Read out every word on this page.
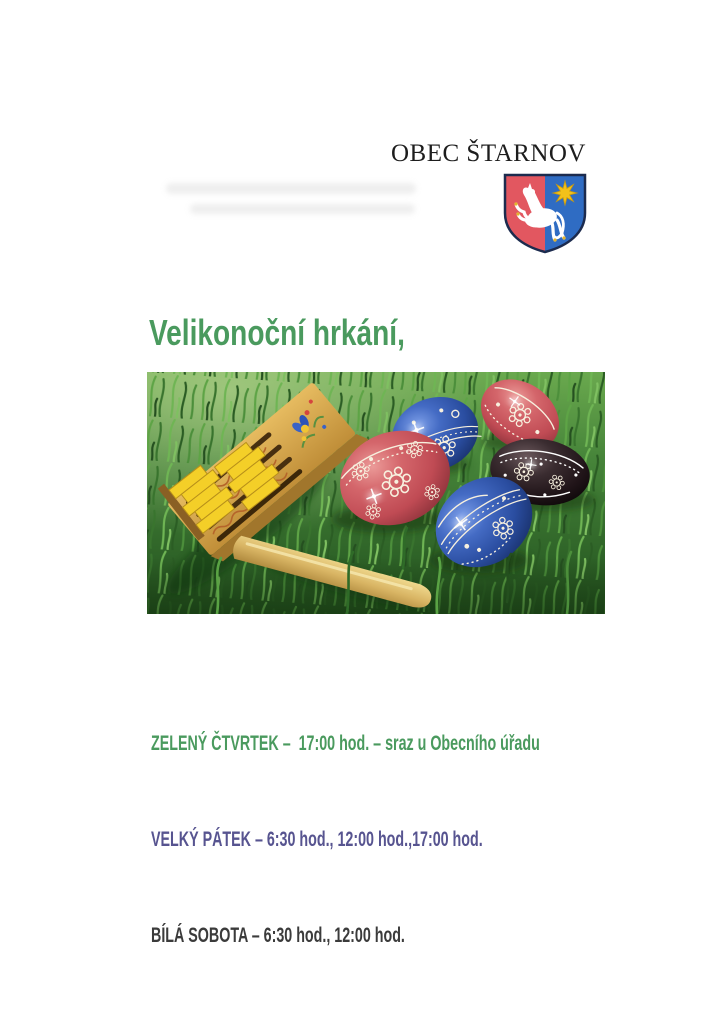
OBEC ŠTARNOV

Velikonoční hrkání,

ZELENÝ ČTVRTEK –  17:00 hod. – sraz u Obecního úřadu

VELKÝ PÁTEK – 6:30 hod., 12:00 hod.,17:00 hod.

BÍLÁ SOBOTA – 6:30 hod., 12:00 hod.
